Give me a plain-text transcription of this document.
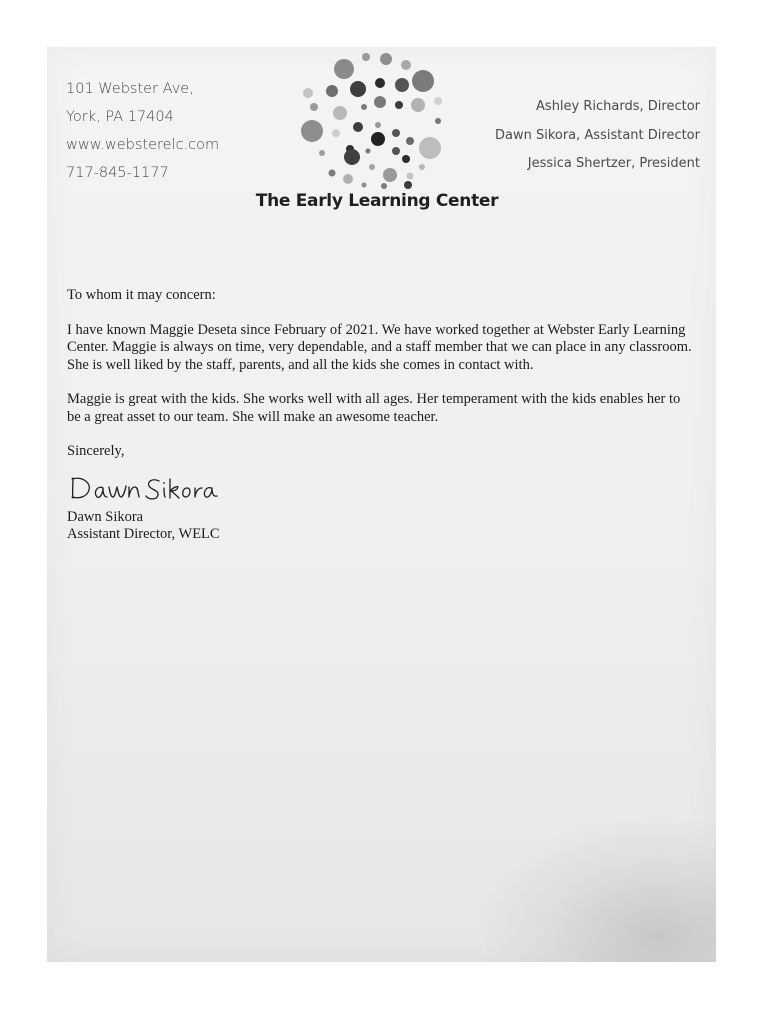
101 Webster Ave,
York, PA 17404
www.websterelc.com
717-845-1177
The Early Learning Center
Ashley Richards, Director
Dawn Sikora, Assistant Director
Jessica Shertzer, President

To whom it may concern:

I have known Maggie Deseta since February of 2021. We have worked together at Webster Early Learning Center. Maggie is always on time, very dependable, and a staff member that we can place in any classroom. She is well liked by the staff, parents, and all the kids she comes in contact with.

Maggie is great with the kids. She works well with all ages. Her temperament with the kids enables her to be a great asset to our team. She will make an awesome teacher.

Sincerely,

Dawn Sikora

Assistant Director, WELC
